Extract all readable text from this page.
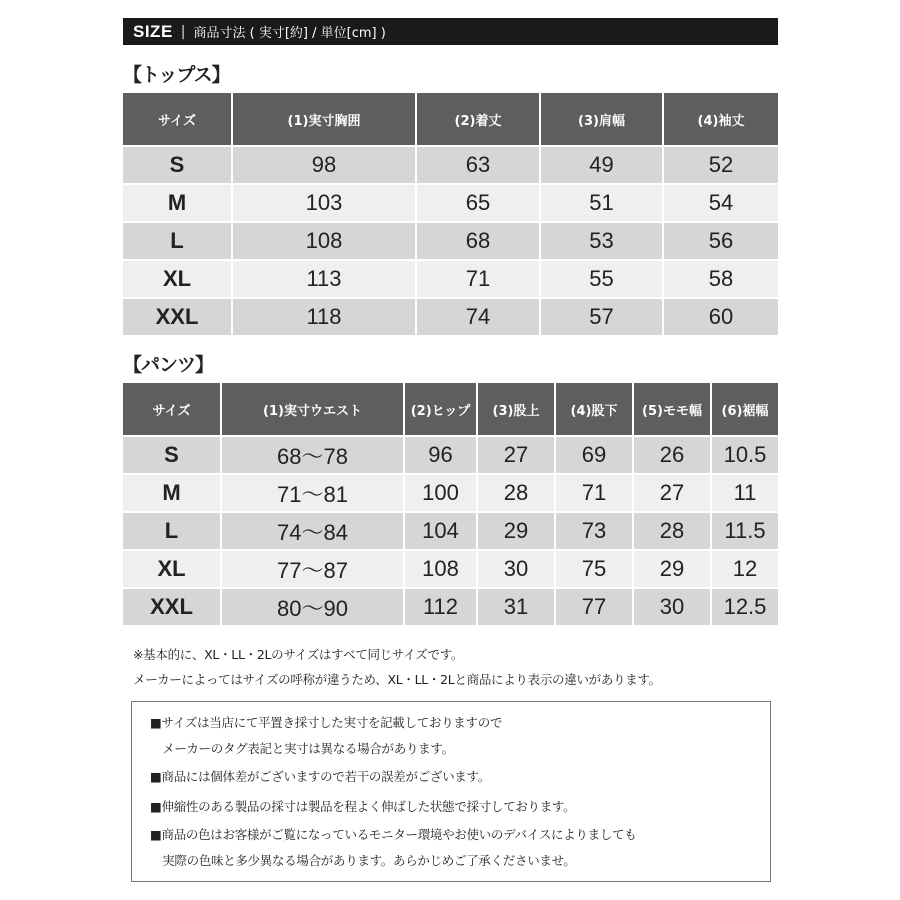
SIZE | 商品寸法 ( 実寸[約] / 単位[cm] )
【トップス】
サイズ	(1)実寸胸囲	(2)着丈	(3)肩幅	(4)袖丈
S	98	63	49	52
M	103	65	51	54
L	108	68	53	56
XL	113	71	55	58
XXL	118	74	57	60
【パンツ】
サイズ	(1)実寸ウエスト	(2)ヒップ	(3)股上	(4)股下	(5)モモ幅	(6)裾幅
S	68〜78	96	27	69	26	10.5
M	71〜81	100	28	71	27	11
L	74〜84	104	29	73	28	11.5
XL	77〜87	108	30	75	29	12
XXL	80〜90	112	31	77	30	12.5
※基本的に、XL・LL・2Lのサイズはすべて同じサイズです。
メーカーによってはサイズの呼称が違うため、XL・LL・2Lと商品により表示の違いがあります。
■サイズは当店にて平置き採寸した実寸を記載しておりますので
　メーカーのタグ表記と実寸は異なる場合があります。
■商品には個体差がございますので若干の誤差がございます。
■伸縮性のある製品の採寸は製品を程よく伸ばした状態で採寸しております。
■商品の色はお客様がご覧になっているモニター環境やお使いのデバイスによりましても
　実際の色味と多少異なる場合があります。あらかじめご了承くださいませ。
